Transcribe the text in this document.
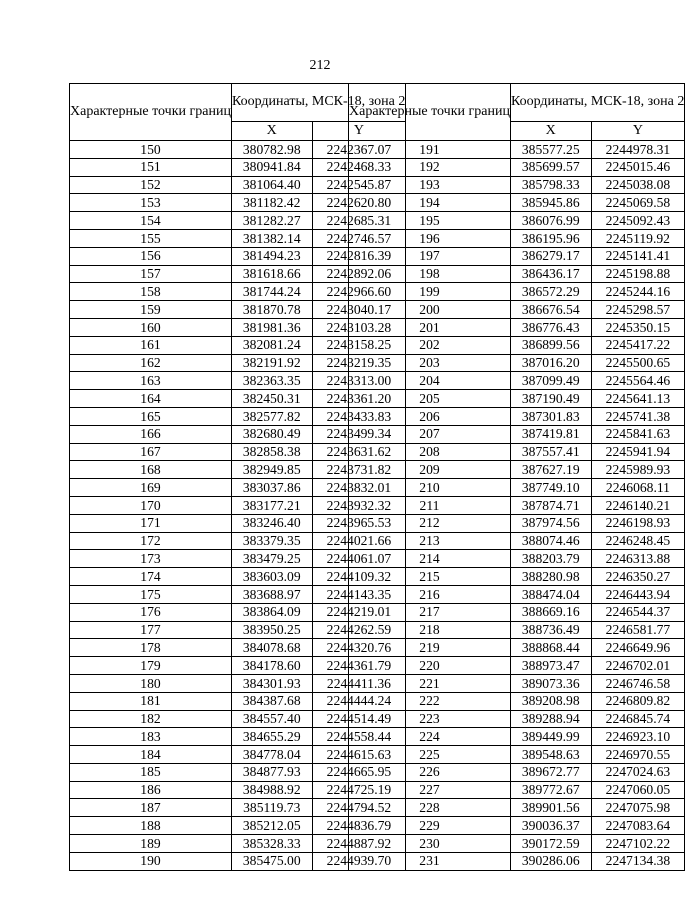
212
Характерные точки границ	Координаты, МСК-18, зона 2	
	X	Y
150	380782.98	2242367.07
151	380941.84	2242468.33
152	381064.40	2242545.87
153	381182.42	2242620.80
154	381282.27	2242685.31
155	381382.14	2242746.57
156	381494.23	2242816.39
157	381618.66	2242892.06
158	381744.24	2242966.60
159	381870.78	2243040.17
160	381981.36	2243103.28
161	382081.24	2243158.25
162	382191.92	2243219.35
163	382363.35	2243313.00
164	382450.31	2243361.20
165	382577.82	2243433.83
166	382680.49	2243499.34
167	382858.38	2243631.62
168	382949.85	2243731.82
169	383037.86	2243832.01
170	383177.21	2243932.32
171	383246.40	2243965.53
172	383379.35	2244021.66
173	383479.25	2244061.07
174	383603.09	2244109.32
175	383688.97	2244143.35
176	383864.09	2244219.01
177	383950.25	2244262.59
178	384078.68	2244320.76
179	384178.60	2244361.79
180	384301.93	2244411.36
181	384387.68	2244444.24
182	384557.40	2244514.49
183	384655.29	2244558.44
184	384778.04	2244615.63
185	384877.93	2244665.95
186	384988.92	2244725.19
187	385119.73	2244794.52
188	385212.05	2244836.79
189	385328.33	2244887.92
190	385475.00	2244939.70
Характерные точки границ	Координаты, МСК-18, зона 2	
	X	Y
191	385577.25	2244978.31
192	385699.57	2245015.46
193	385798.33	2245038.08
194	385945.86	2245069.58
195	386076.99	2245092.43
196	386195.96	2245119.92
197	386279.17	2245141.41
198	386436.17	2245198.88
199	386572.29	2245244.16
200	386676.54	2245298.57
201	386776.43	2245350.15
202	386899.56	2245417.22
203	387016.20	2245500.65
204	387099.49	2245564.46
205	387190.49	2245641.13
206	387301.83	2245741.38
207	387419.81	2245841.63
208	387557.41	2245941.94
209	387627.19	2245989.93
210	387749.10	2246068.11
211	387874.71	2246140.21
212	387974.56	2246198.93
213	388074.46	2246248.45
214	388203.79	2246313.88
215	388280.98	2246350.27
216	388474.04	2246443.94
217	388669.16	2246544.37
218	388736.49	2246581.77
219	388868.44	2246649.96
220	388973.47	2246702.01
221	389073.36	2246746.58
222	389208.98	2246809.82
223	389288.94	2246845.74
224	389449.99	2246923.10
225	389548.63	2246970.55
226	389672.77	2247024.63
227	389772.67	2247060.05
228	389901.56	2247075.98
229	390036.37	2247083.64
230	390172.59	2247102.22
231	390286.06	2247134.38
